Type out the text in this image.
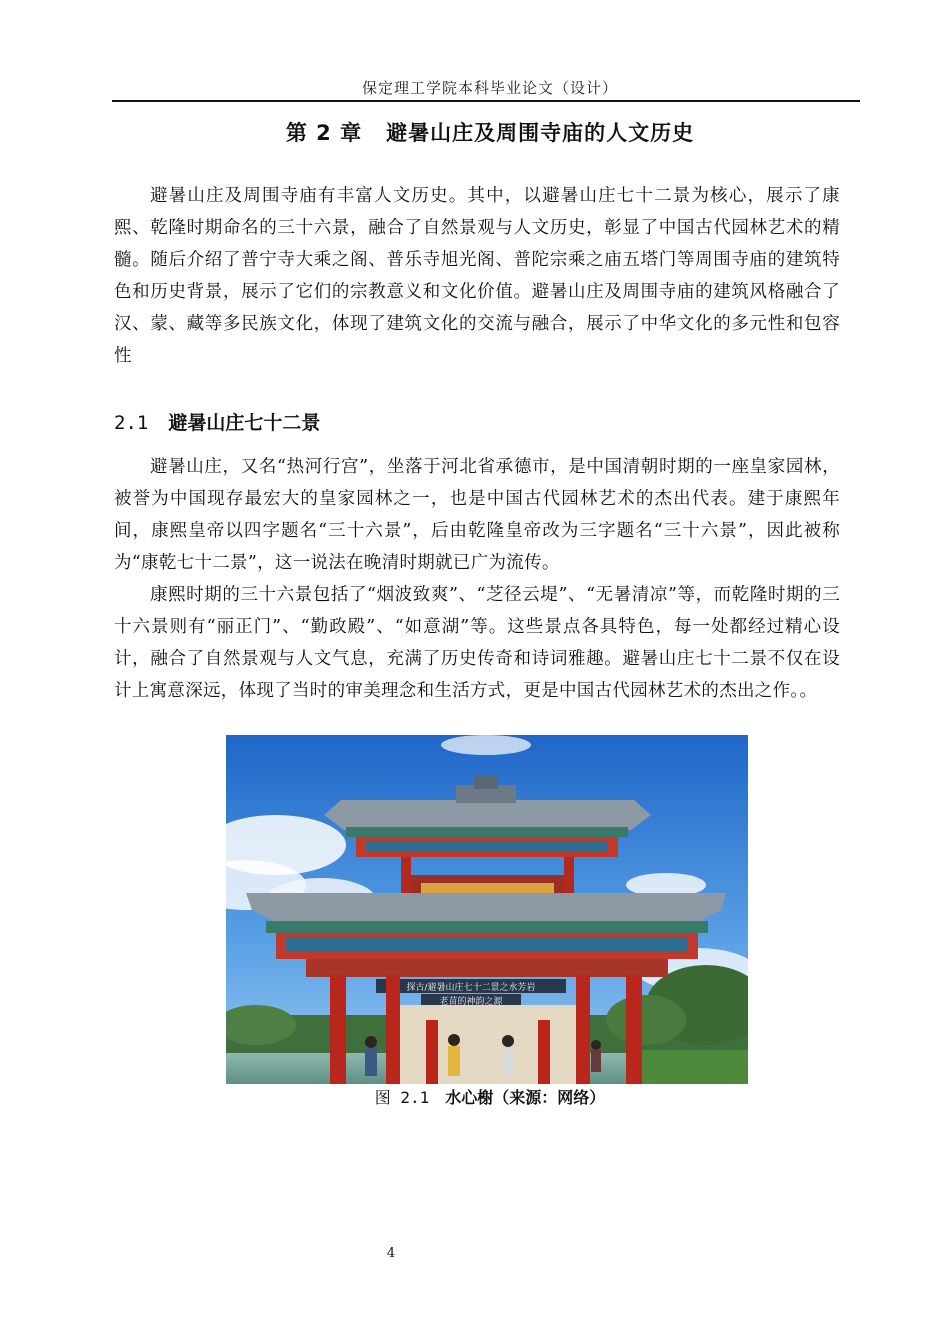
保定理工学院本科毕业论文（设计）
第 2 章 避暑山庄及周围寺庙的人文历史

避暑山庄及周围寺庙有丰富人文历史。其中，以避暑山庄七十二景为核心，展示了康熙、乾隆时期命名的三十六景，融合了自然景观与人文历史，彰显了中国古代园林艺术的精髓。随后介绍了普宁寺大乘之阁、普乐寺旭光阁、普陀宗乘之庙五塔门等周围寺庙的建筑特色和历史背景，展示了它们的宗教意义和文化价值。避暑山庄及周围寺庙的建筑风格融合了汉、蒙、藏等多民族文化，体现了建筑文化的交流与融合，展示了中华文化的多元性和包容性

2.1 避暑山庄七十二景

避暑山庄，又名“热河行宫”，坐落于河北省承德市，是中国清朝时期的一座皇家园林，被誉为中国现存最宏大的皇家园林之一，也是中国古代园林艺术的杰出代表。建于康熙年间，康熙皇帝以四字题名“三十六景”，后由乾隆皇帝改为三字题名“三十六景”，因此被称为“康乾七十二景”，这一说法在晚清时期就已广为流传。

康熙时期的三十六景包括了“烟波致爽”、“芝径云堤”、“无暑清凉”等，而乾隆时期的三十六景则有“丽正门”、“勤政殿”、“如意湖”等。这些景点各具特色，每一处都经过精心设计，融合了自然景观与人文气息，充满了历史传奇和诗词雅趣。避暑山庄七十二景不仅在设计上寓意深远，体现了当时的审美理念和生活方式，更是中国古代园林艺术的杰出之作。。

探古/避暑山庄七十二景之水芳岩
老苗的神韵之源
图 2.1 水心榭（来源：网络）
4
